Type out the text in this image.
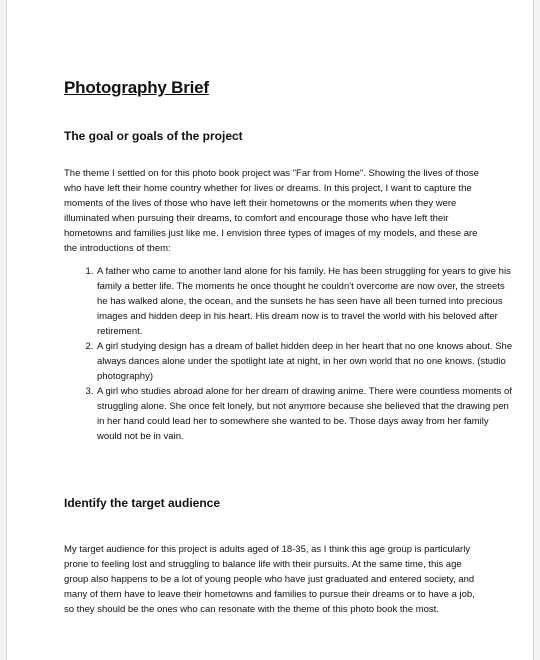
Photography Brief
The goal or goals of the project
The theme I settled on for this photo book project was "Far from Home". Showing the lives of those who have left their home country whether for lives or dreams. In this project, I want to capture the moments of the lives of those who have left their hometowns or the moments when they were illuminated when pursuing their dreams, to comfort and encourage those who have left their hometowns and families just like me. I envision three types of images of my models, and these are the introductions of them:
1. A father who came to another land alone for his family. He has been struggling for years to give his family a better life. The moments he once thought he couldn't overcome are now over, the streets he has walked alone, the ocean, and the sunsets he has seen have all been turned into precious images and hidden deep in his heart. His dream now is to travel the world with his beloved after retirement.
2. A girl studying design has a dream of ballet hidden deep in her heart that no one knows about. She always dances alone under the spotlight late at night, in her own world that no one knows. (studio photography)
3. A girl who studies abroad alone for her dream of drawing anime. There were countless moments of struggling alone. She once felt lonely, but not anymore because she believed that the drawing pen in her hand could lead her to somewhere she wanted to be. Those days away from her family would not be in vain.
Identify the target audience
My target audience for this project is adults aged of 18-35, as I think this age group is particularly prone to feeling lost and struggling to balance life with their pursuits. At the same time, this age group also happens to be a lot of young people who have just graduated and entered society, and many of them have to leave their hometowns and families to pursue their dreams or to have a job, so they should be the ones who can resonate with the theme of this photo book the most.
